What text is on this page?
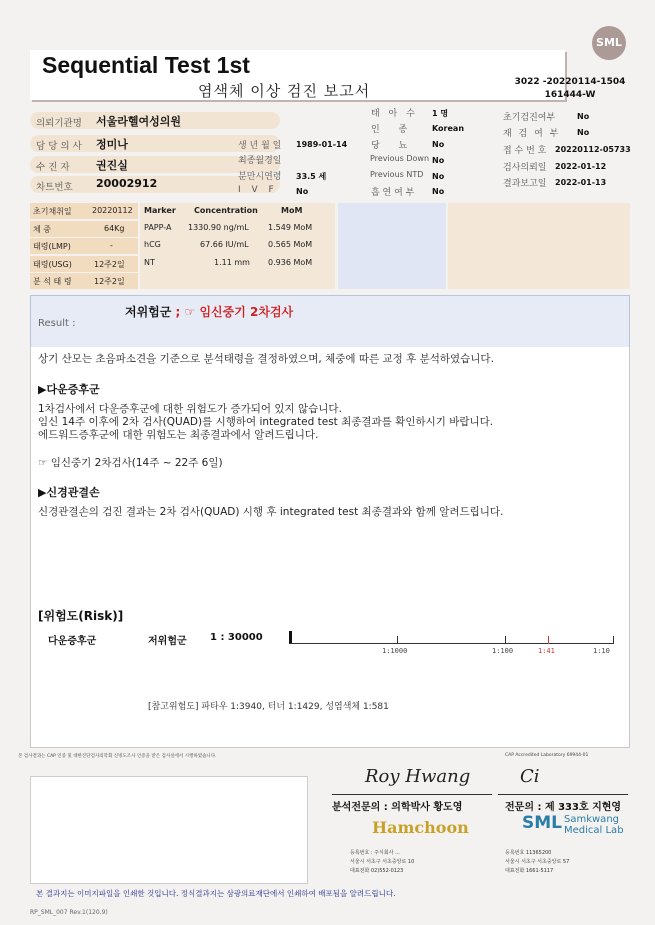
SML
Sequential Test 1st
염색체 이상 검진 보고서	3022 -20220114-1504
161444-W
의뢰기관명 서울라헬여성의원
담 당 의 사 정미나
수 진 자 권진실
차트번호 20002912
생 년 월 일 1989-01-14
최종월경일
분만시연령 33.5 세
I V F No
태 아 수 1 명
인 종 Korean
당 뇨 No
Previous Down No
Previous NTD No
흡 연 여 부 No
초기검진여부	No
재 검 여 부 No
접 수 번 호 20220112-05733
검사의뢰일 2022-01-12
결과보고일 2022-01-13
초기채취일	20220112
체 중	64Kg
태령(LMP)	-
태령(USG)	12주2일
분 석 태 령	12주2일
Marker Concentration	MoM
PAPP-A 1330.90 ng/mL 1.549 MoM
hCG	67.66 IU/mL 0.565 MoM
NT	1.11 mm 0.936 MoM
Result :
저위험군 ; ☞ 임신중기 2차검사
상기 산모는 초음파소견을 기준으로 분석태령을 결정하였으며, 체중에 따른 교정 후 분석하였습니다.
▶다운증후군
1차검사에서 다운증후군에 대한 위험도가 증가되어 있지 않습니다.
임신 14주 이후에 2차 검사(QUAD)를 시행하여 integrated test 최종결과를 확인하시기 바랍니다.
에드워드증후군에 대한 위험도는 최종결과에서 알려드립니다.
☞ 임신중기 2차검사(14주 ~ 22주 6일)
▶신경관결손
신경관결손의 검진 결과는 2차 검사(QUAD) 시행 후 integrated test 최종결과와 함께 알려드립니다.
[위험도(Risk)]
다운증후군	저위험군 1 : 30000
1:1000	1:100	1:41	1:10
[참고위험도] 파타우 1:3940, 터너 1:1429, 성염색체 1:581
본 검사결과는 CAP 인증 및 대한진단검사의학회 신빙도조사 인증을 받은 검사실에서 시행하였습니다.	CAP Accredited Laboratory 69944-01
Roy Hwang
분석전문의 : 의학박사 황도영
Ci
전문의 : 제 333호 지현영
Hamchoon
등록번호 : 주식회사 ...
서울시 서초구 서초중앙로 10
대표전화 02)552-0123
SML Samkwang
Medical Lab
등록번호 11365200
서울시 서초구 서초중앙로 57
대표전화 1661-5117
본 결과지는 이미지파일을 인쇄한 것입니다. 정식결과지는 삼광의료재단에서 인쇄하여 배포됨을 알려드립니다.
RP_SML_007 Rev.1(120.9)
